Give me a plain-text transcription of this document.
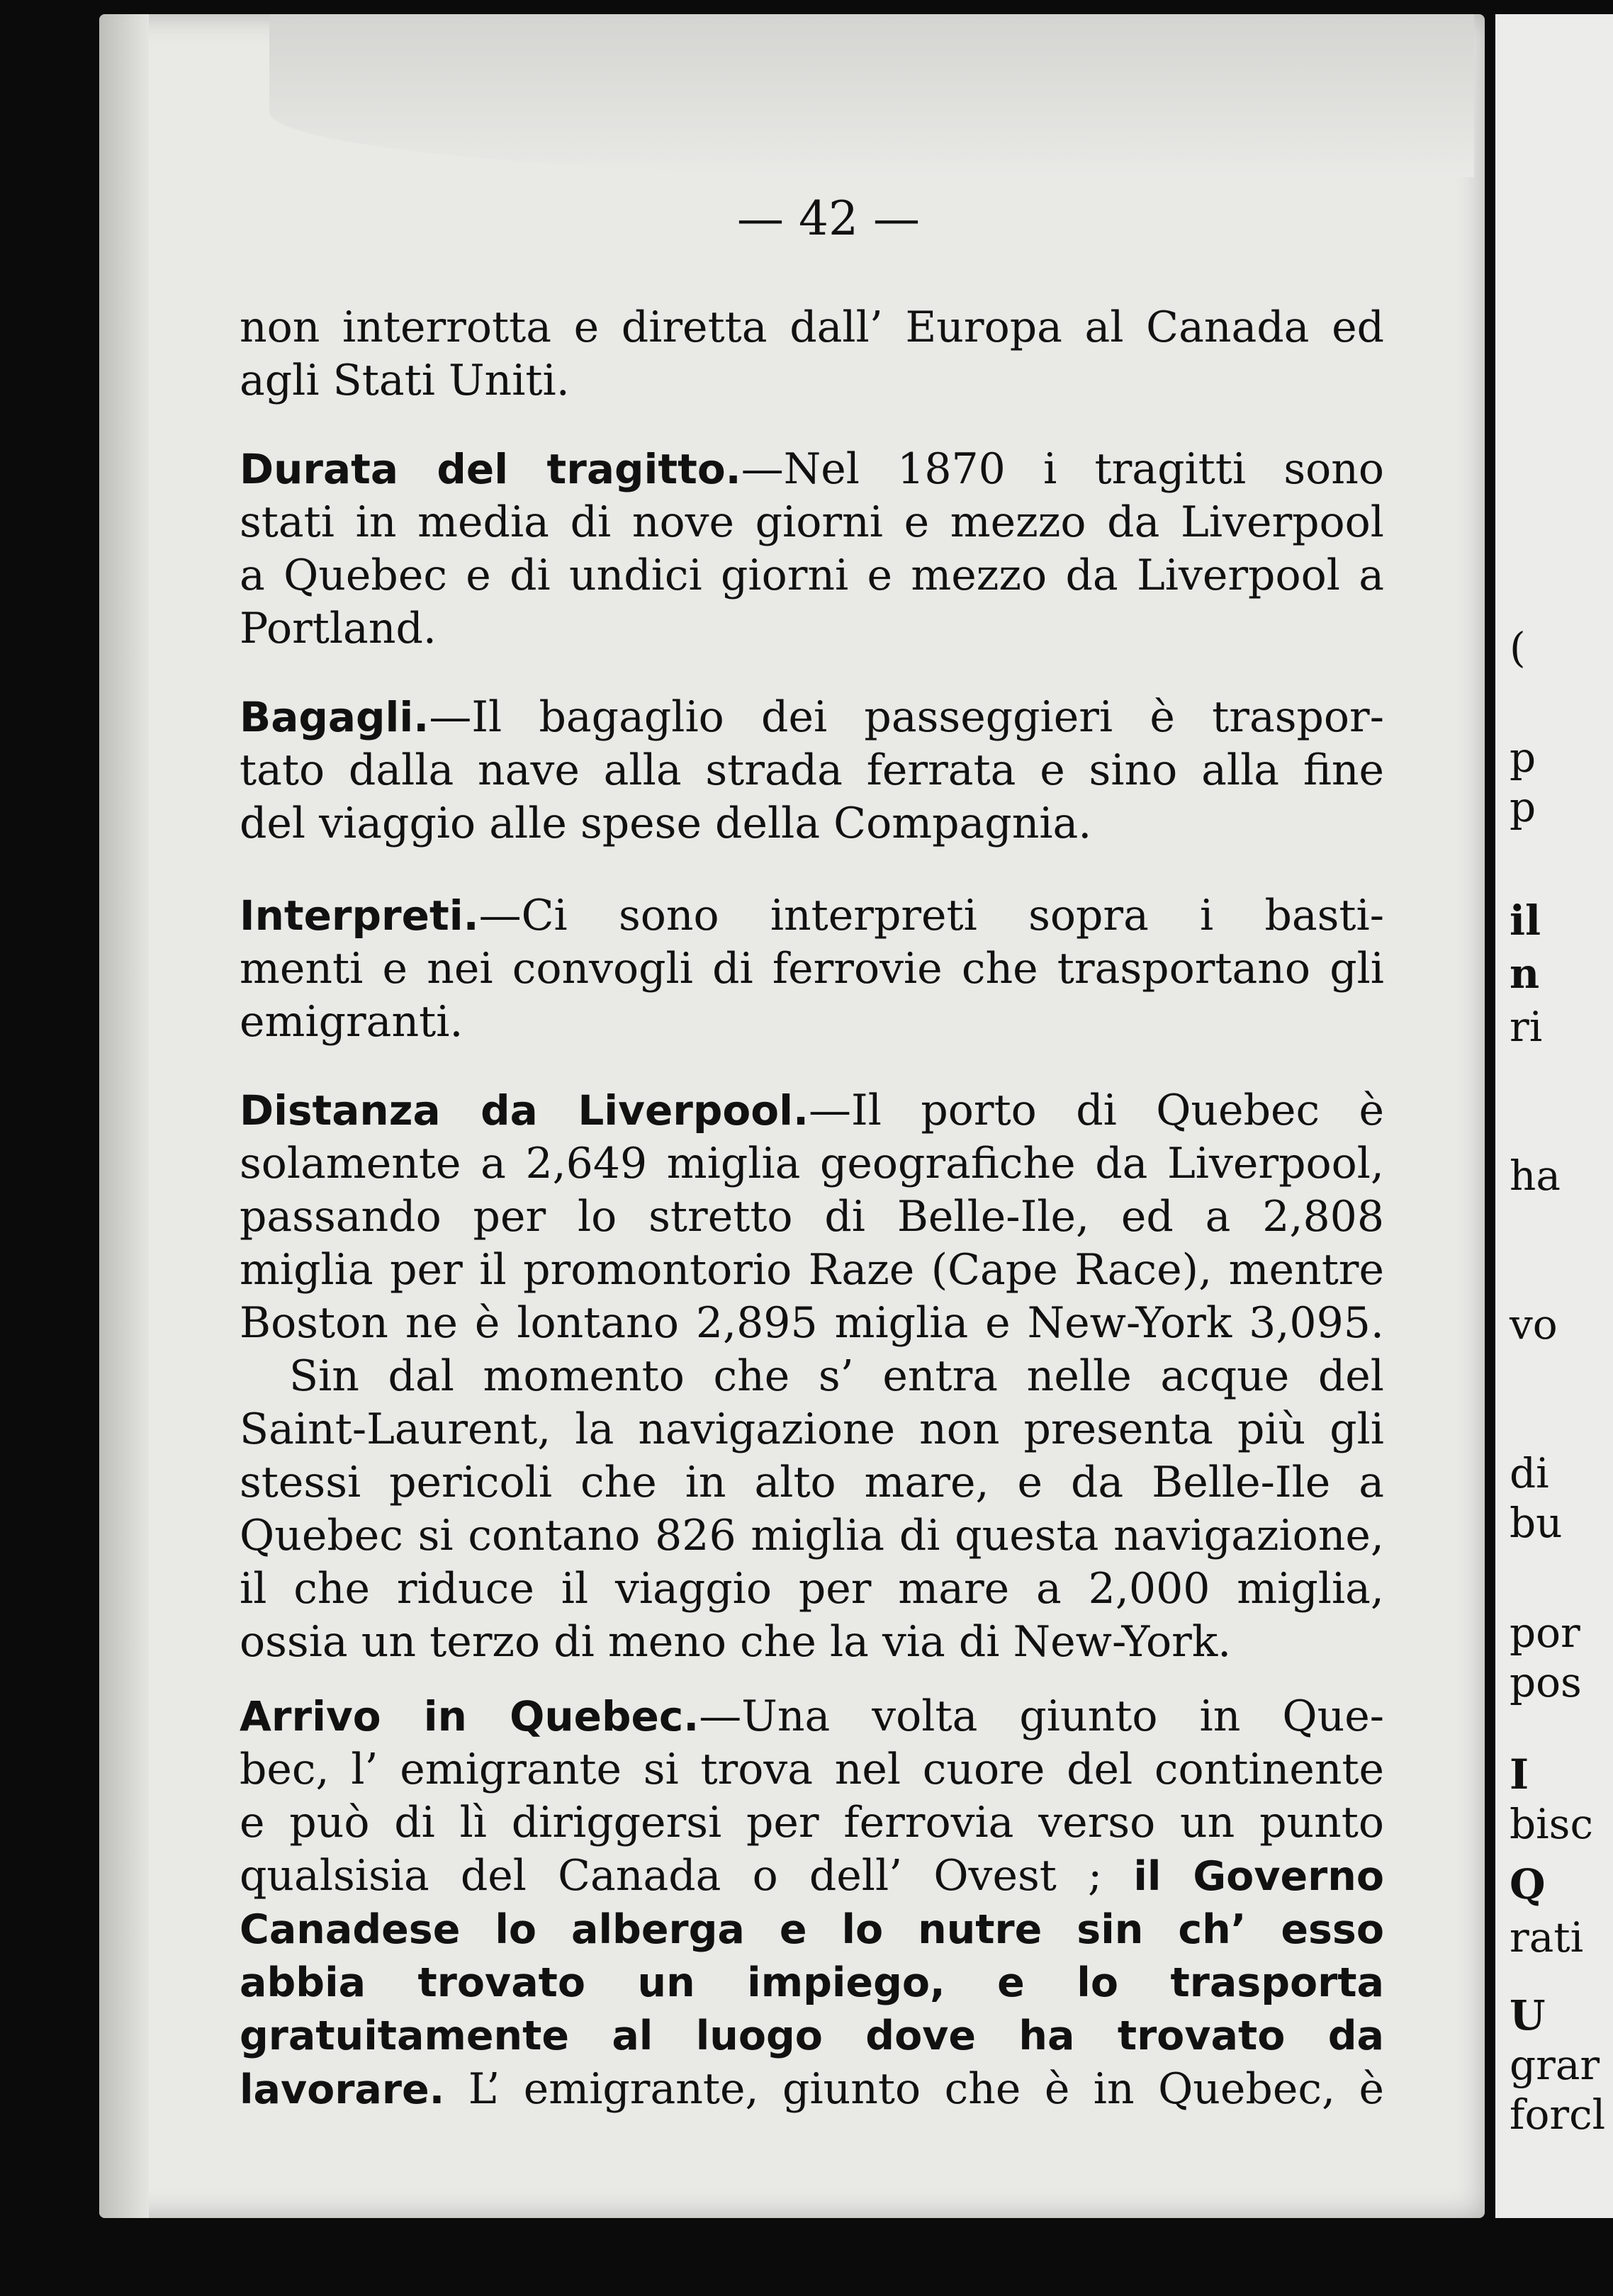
(
p
p
il
n
ri
ha
vo
di
bu
por
pos
I
bisc
Q
rati
U
grar
forcl
— 42 —
non interrotta e diretta dall’ Europa al Canada ed
agli Stati Uniti.
Durata del tragitto.—Nel 1870 i tragitti sono
stati in media di nove giorni e mezzo da Liverpool
a Quebec e di undici giorni e mezzo da Liverpool a
Portland.
Bagagli.—Il bagaglio dei passeggieri è traspor-
tato dalla nave alla strada ferrata e sino alla fine
del viaggio alle spese della Compagnia.
Interpreti.—Ci sono interpreti sopra i basti-
menti e nei convogli di ferrovie che trasportano gli
emigranti.
Distanza da Liverpool.—Il porto di Quebec è
solamente a 2,649 miglia geografiche da Liverpool,
passando per lo stretto di Belle-Ile, ed a 2,808
miglia per il promontorio Raze (Cape Race), mentre
Boston ne è lontano 2,895 miglia e New-York 3,095.
Sin dal momento che s’ entra nelle acque del
Saint-Laurent, la navigazione non presenta più gli
stessi pericoli che in alto mare, e da Belle-Ile a
Quebec si contano 826 miglia di questa navigazione,
il che riduce il viaggio per mare a 2,000 miglia,
ossia un terzo di meno che la via di New-York.
Arrivo in Quebec.—Una volta giunto in Que-
bec, l’ emigrante si trova nel cuore del continente
e può di lì diriggersi per ferrovia verso un punto
qualsisia del Canada o dell’ Ovest ; il Governo
Canadese lo alberga e lo nutre sin ch’ esso
abbia trovato un impiego, e lo trasporta
gratuitamente al luogo dove ha trovato da
lavorare. L’ emigrante, giunto che è in Quebec, è
